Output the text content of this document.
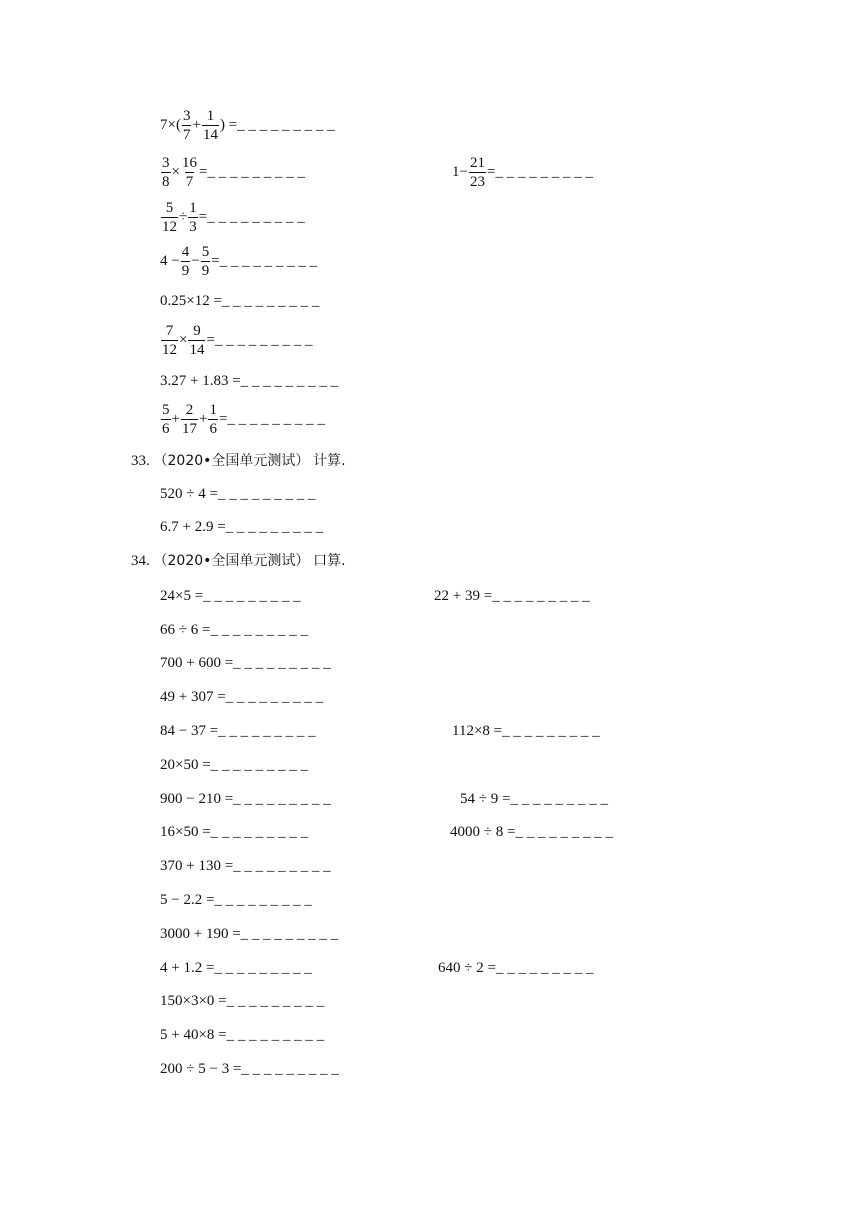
$7\times( \frac{3}{7} + \frac{1}{14}$ ) =_ _ _ _ _ _ _ _ _
$\frac{3}{8} \times \frac{16}{7}$ =_ _ _ _ _ _ _ _ _	$1- \frac{21}{23}$ =_ _ _ _ _ _ _ _ _
$\frac{5}{12} \div \frac{1}{3}$ =_ _ _ _ _ _ _ _ _
$4 - \frac{4}{9} - \frac{5}{9}$ =_ _ _ _ _ _ _ _ _
0.25×12 =_ _ _ _ _ _ _ _ _
$\frac{7}{12} \times \frac{9}{14}$ =_ _ _ _ _ _ _ _ _
3.27 + 1.83 =_ _ _ _ _ _ _ _ _
$\frac{5}{6} + \frac{2}{17} + \frac{1}{6}$ =_ _ _ _ _ _ _ _ _
33. （2020•全国单元测试） 计算.
520 ÷ 4 =_ _ _ _ _ _ _ _ _
6.7 + 2.9 =_ _ _ _ _ _ _ _ _
34. （2020•全国单元测试） 口算.
24×5 =_ _ _ _ _ _ _ _ _
66 ÷ 6 =_ _ _ _ _ _ _ _ _
700 + 600 =_ _ _ _ _ _ _ _ _
49 + 307 =_ _ _ _ _ _ _ _ _
84 − 37 =_ _ _ _ _ _ _ _ _
20×50 =_ _ _ _ _ _ _ _ _
900 − 210 =_ _ _ _ _ _ _ _ _
16×50 =_ _ _ _ _ _ _ _ _
370 + 130 =_ _ _ _ _ _ _ _ _
5 − 2.2 =_ _ _ _ _ _ _ _ _
3000 + 190 =_ _ _ _ _ _ _ _ _
4 + 1.2 =_ _ _ _ _ _ _ _ _
150×3×0 =_ _ _ _ _ _ _ _ _
5 + 40×8 =_ _ _ _ _ _ _ _ _
200 ÷ 5 − 3 =_ _ _ _ _ _ _ _ _
22 + 39 =_ _ _ _ _ _ _ _ _
112×8 =_ _ _ _ _ _ _ _ _
54 ÷ 9 =_ _ _ _ _ _ _ _ _
4000 ÷ 8 =_ _ _ _ _ _ _ _ _
640 ÷ 2 =_ _ _ _ _ _ _ _ _
